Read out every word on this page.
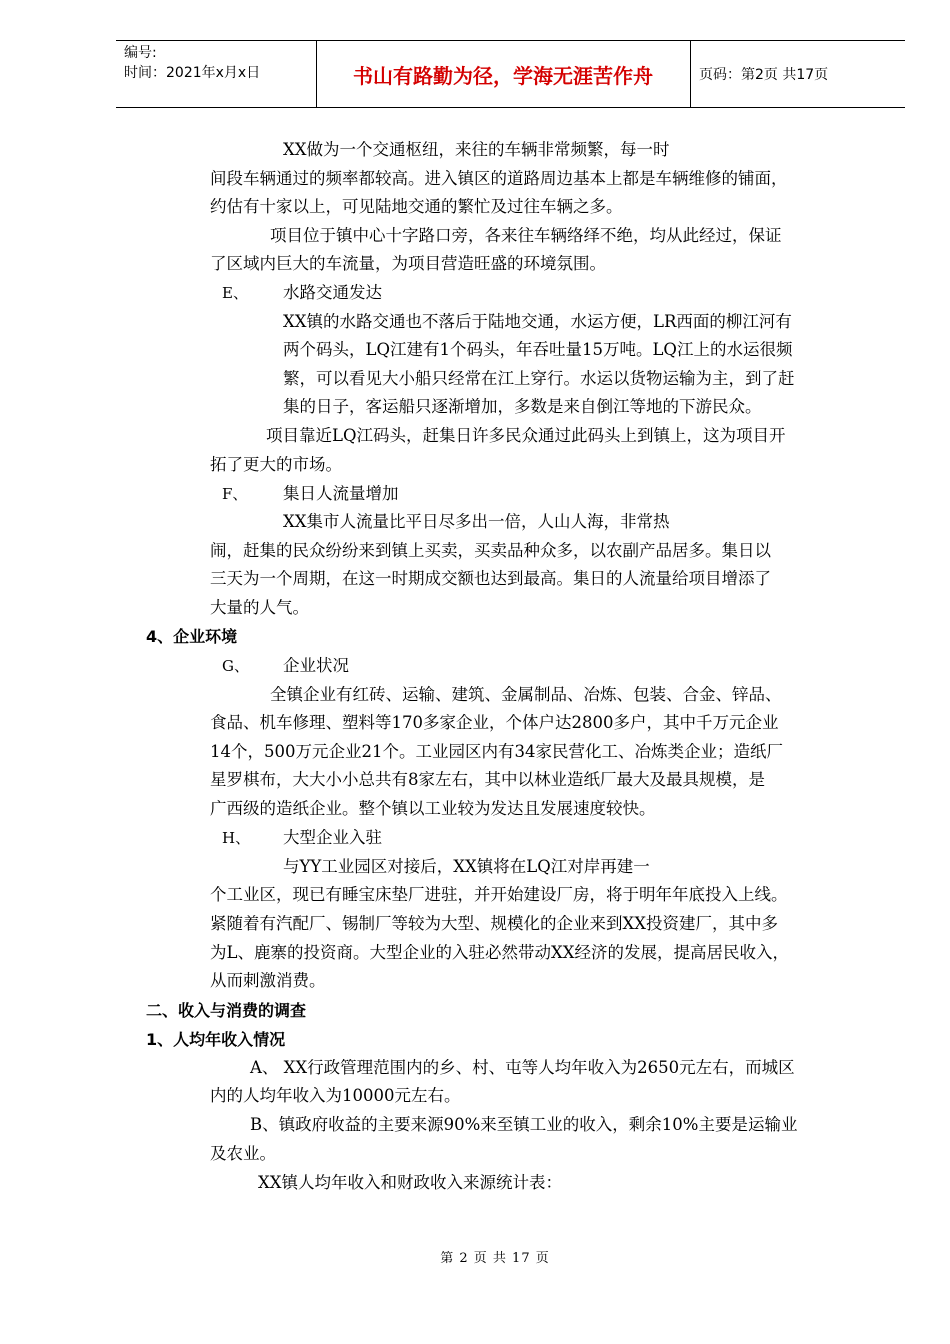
编号:
时间：2021年x月x日	书山有路勤为径，学海无涯苦作舟	页码：第2页 共17页
XX做为一个交通枢纽，来往的车辆非常频繁，每一时
间段车辆通过的频率都较高。进入镇区的道路周边基本上都是车辆维修的铺面，
约估有十家以上，可见陆地交通的繁忙及过往车辆之多。
项目位于镇中心十字路口旁，各来往车辆络绎不绝，均从此经过，保证
了区域内巨大的车流量，为项目营造旺盛的环境氛围。
E、 水路交通发达
XX镇的水路交通也不落后于陆地交通，水运方便，LR西面的柳江河有
两个码头，LQ江建有1个码头，年吞吐量15万吨。LQ江上的水运很频
繁，可以看见大小船只经常在江上穿行。水运以货物运输为主，到了赶
集的日子，客运船只逐渐增加，多数是来自倒江等地的下游民众。
项目靠近LQ江码头，赶集日许多民众通过此码头上到镇上，这为项目开
拓了更大的市场。
F、 集日人流量增加
XX集市人流量比平日尽多出一倍，人山人海，非常热
闹，赶集的民众纷纷来到镇上买卖，买卖品种众多，以农副产品居多。集日以
三天为一个周期，在这一时期成交额也达到最高。集日的人流量给项目增添了
大量的人气。
4、企业环境
G、 企业状况
全镇企业有红砖、运输、建筑、金属制品、冶炼、包装、合金、锌品、
食品、机车修理、塑料等170多家企业，个体户达2800多户，其中千万元企业
14个，500万元企业21个。工业园区内有34家民营化工、冶炼类企业；造纸厂
星罗棋布，大大小小总共有8家左右，其中以林业造纸厂最大及最具规模，是
广西级的造纸企业。整个镇以工业较为发达且发展速度较快。
H、 大型企业入驻
与YY工业园区对接后，XX镇将在LQ江对岸再建一
个工业区，现已有睡宝床垫厂进驻，并开始建设厂房，将于明年年底投入上线。
紧随着有汽配厂、锡制厂等较为大型、规模化的企业来到XX投资建厂，其中多
为L、鹿寨的投资商。大型企业的入驻必然带动XX经济的发展，提高居民收入，
从而刺激消费。
二、收入与消费的调查
1、人均年收入情况
A、 XX行政管理范围内的乡、村、屯等人均年收入为2650元左右，而城区
内的人均年收入为10000元左右。
B、镇政府收益的主要来源90%来至镇工业的收入，剩余10%主要是运输业
及农业。
XX镇人均年收入和财政收入来源统计表：
第 2 页 共 17 页
